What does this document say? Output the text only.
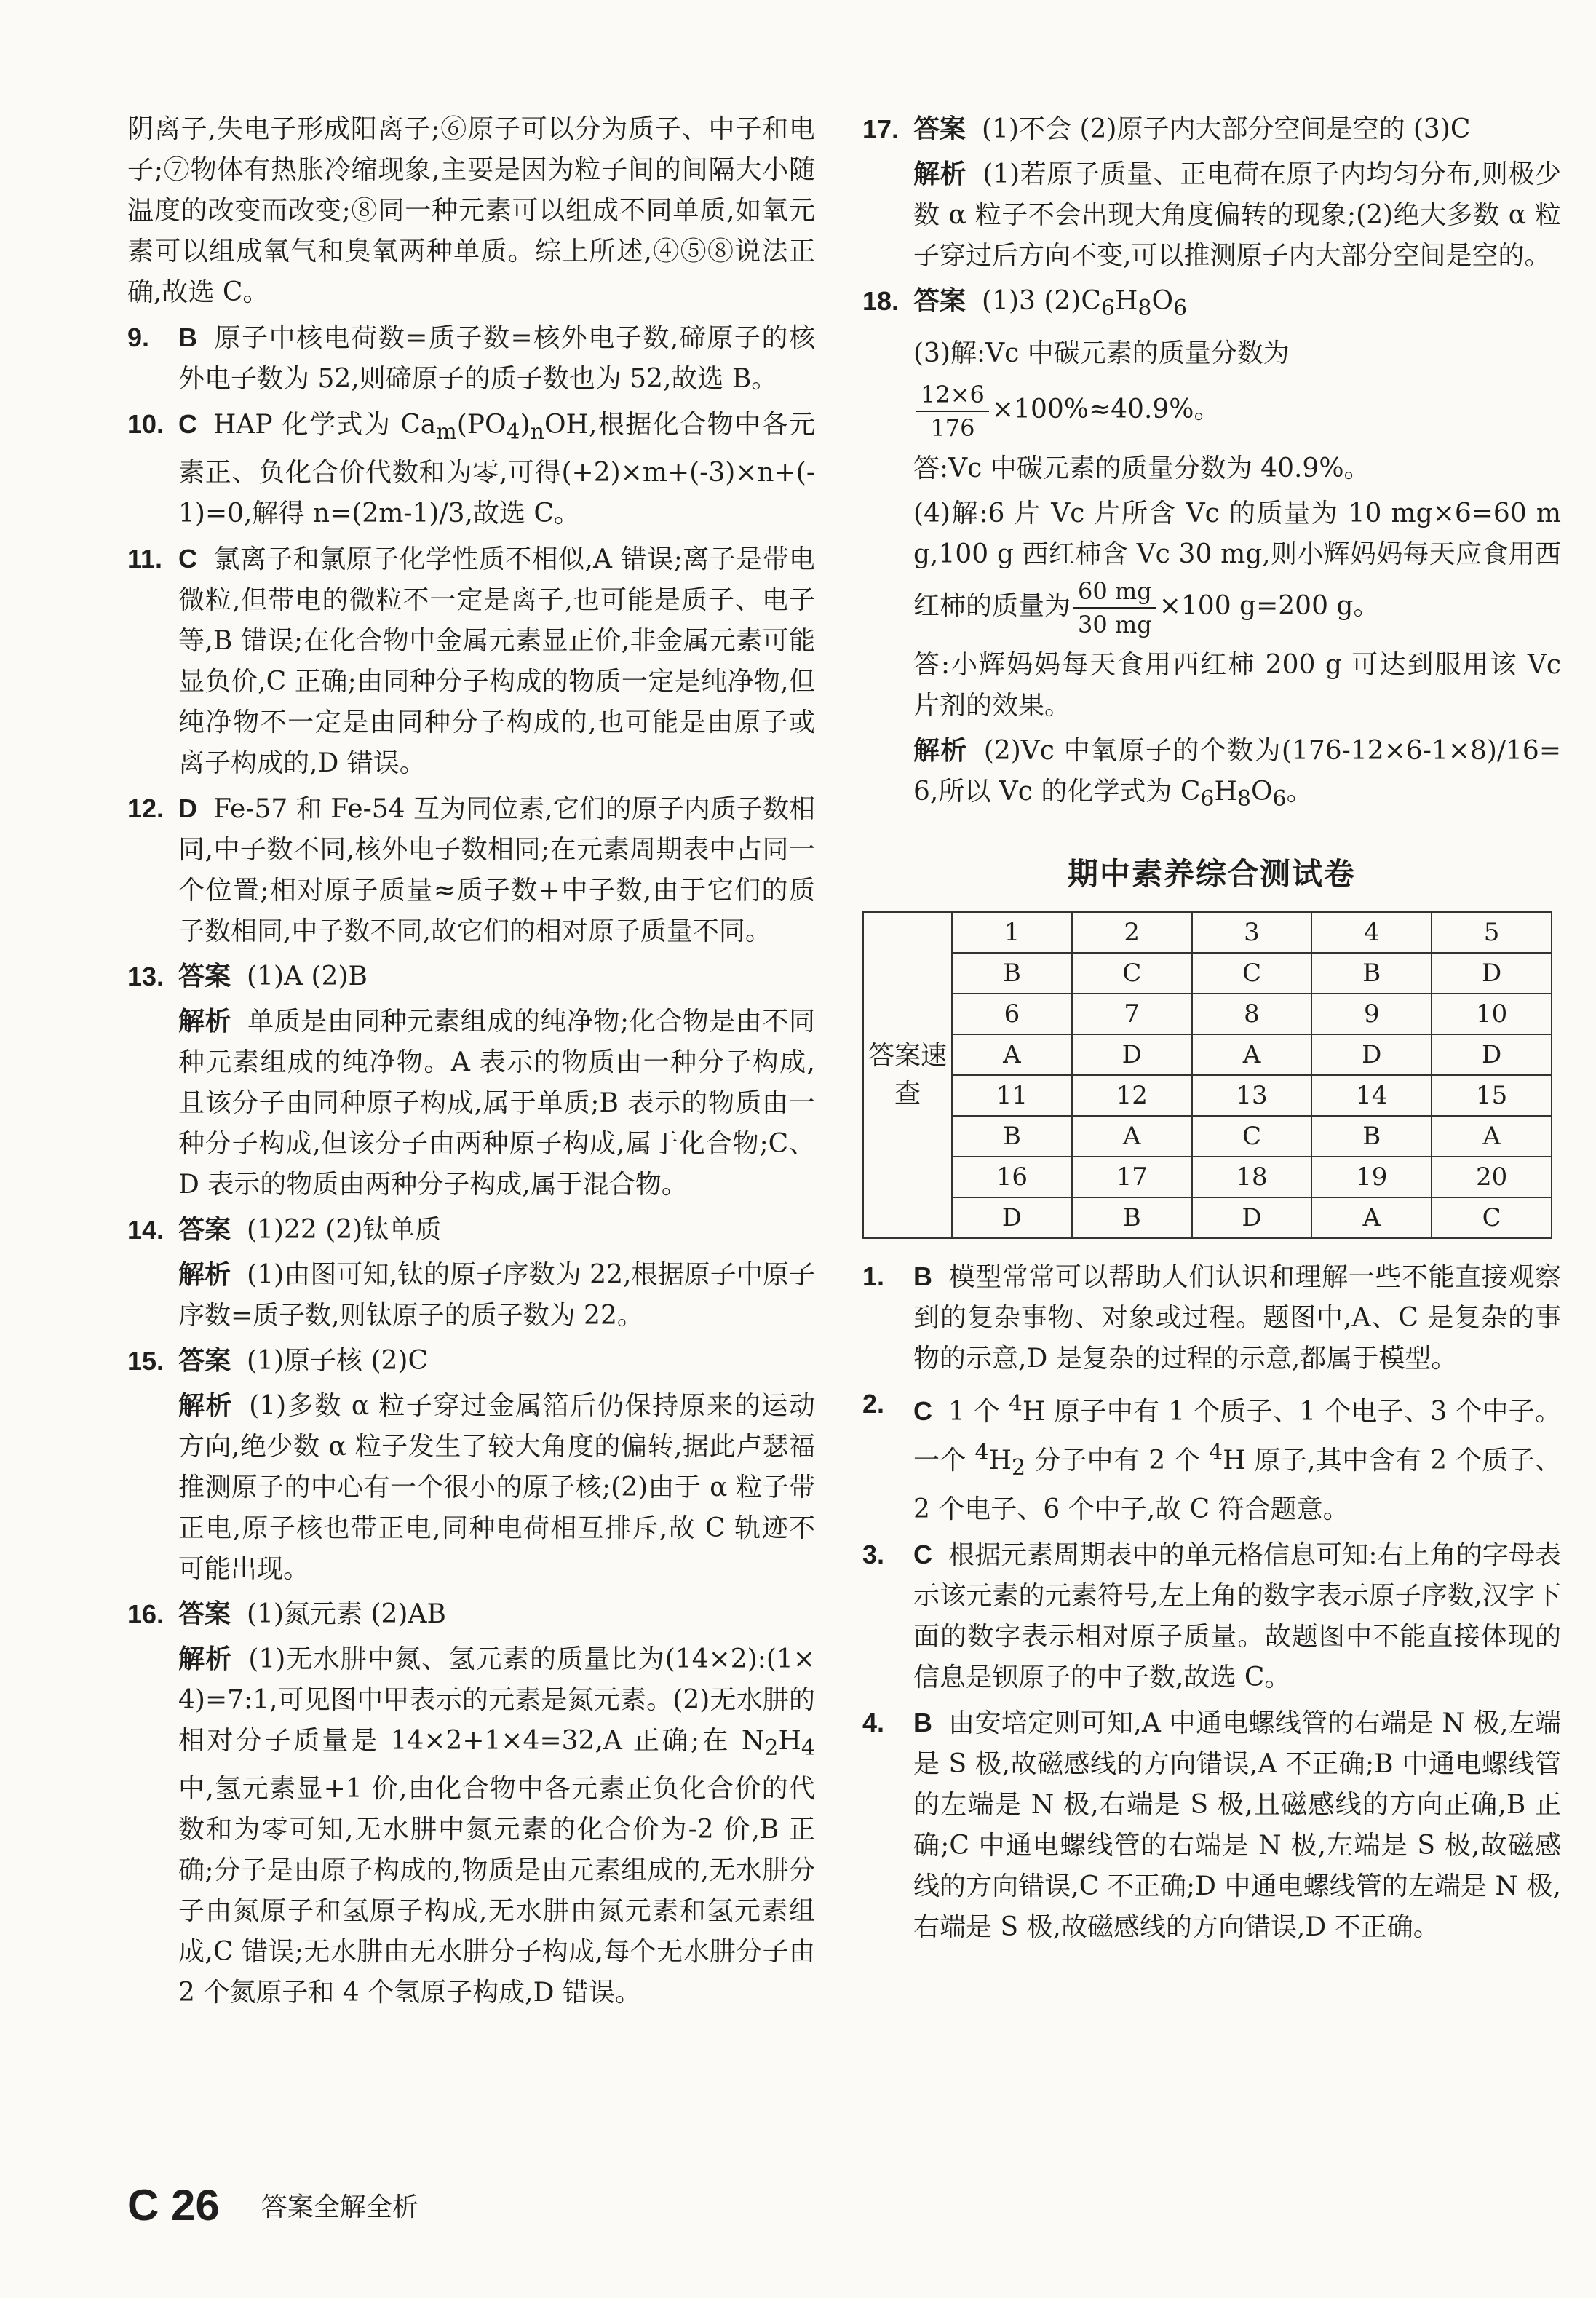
阴离子,失电子形成阳离子;⑥原子可以分为质子、中子和电子;⑦物体有热胀冷缩现象,主要是因为粒子间的间隔大小随温度的改变而改变;⑧同一种元素可以组成不同单质,如氧元素可以组成氧气和臭氧两种单质。综上所述,④⑤⑧说法正确,故选 C。

9. B 原子中核电荷数=质子数=核外电子数,碲原子的核外电子数为 52,则碲原子的质子数也为 52,故选 B。

10. C HAP 化学式为 $Ca_m(PO_4)_nOH$,根据化合物中各元素正、负化合价代数和为零,可得(+2)×m+(-3)×n+(-1)=0,解得 n=(2m-1)/3,故选 C。

11. C 氯离子和氯原子化学性质不相似,A 错误;离子是带电微粒,但带电的微粒不一定是离子,也可能是质子、电子等,B 错误;在化合物中金属元素显正价,非金属元素可能显负价,C 正确;由同种分子构成的物质一定是纯净物,但纯净物不一定是由同种分子构成的,也可能是由原子或离子构成的,D 错误。

12. D Fe-57 和 Fe-54 互为同位素,它们的原子内质子数相同,中子数不同,核外电子数相同;在元素周期表中占同一个位置;相对原子质量≈质子数+中子数,由于它们的质子数相同,中子数不同,故它们的相对原子质量不同。

13. 答案 (1)A (2)B

解析 单质是由同种元素组成的纯净物;化合物是由不同种元素组成的纯净物。A 表示的物质由一种分子构成,且该分子由同种原子构成,属于单质;B 表示的物质由一种分子构成,但该分子由两种原子构成,属于化合物;C、D 表示的物质由两种分子构成,属于混合物。

14. 答案 (1)22 (2)钛单质

解析 (1)由图可知,钛的原子序数为 22,根据原子中原子序数=质子数,则钛原子的质子数为 22。

15. 答案 (1)原子核 (2)C

解析 (1)多数 α 粒子穿过金属箔后仍保持原来的运动方向,绝少数 α 粒子发生了较大角度的偏转,据此卢瑟福推测原子的中心有一个很小的原子核;(2)由于 α 粒子带正电,原子核也带正电,同种电荷相互排斥,故 C 轨迹不可能出现。

16. 答案 (1)氮元素 (2)AB

解析 (1)无水肼中氮、氢元素的质量比为(14×2):(1×4)=7:1,可见图中甲表示的元素是氮元素。(2)无水肼的相对分子质量是 14×2+1×4=32,A 正确;在 $N_2H_4$ 中,氢元素显+1 价,由化合物中各元素正负化合价的代数和为零可知,无水肼中氮元素的化合价为-2 价,B 正确;分子是由原子构成的,物质是由元素组成的,无水肼分子由氮原子和氢原子构成,无水肼由氮元素和氢元素组成,C 错误;无水肼由无水肼分子构成,每个无水肼分子由 2 个氮原子和 4 个氢原子构成,D 错误。

17. 答案 (1)不会 (2)原子内大部分空间是空的 (3)C

解析 (1)若原子质量、正电荷在原子内均匀分布,则极少数 α 粒子不会出现大角度偏转的现象;(2)绝大多数 α 粒子穿过后方向不变,可以推测原子内大部分空间是空的。

18. 答案 (1)3 $(2)C_6H_8O_6$

(3)解:Vc 中碳元素的质量分数为

$\frac{12\times 6}{176} \times 100\%\approx 40.9\%$。

答:Vc 中碳元素的质量分数为 40.9%。

(4)解:6 片 Vc 片所含 Vc 的质量为 10 mg×6=60 mg,100 g 西红柿含 Vc 30 mg,则小辉妈妈每天应食用西红柿的质量为 $\frac{60 mg}{30 mg} \times 100$ g=200 g。

答:小辉妈妈每天食用西红柿 200 g 可达到服用该 Vc 片剂的效果。

解析 (2)Vc 中氧原子的个数为(176-12×6-1×8)/16=6,所以 Vc 的化学式为 $C_6H_8O_6$。

期中素养综合测试卷
答案速查	1	2	3	4	5
	B	C	C	B	D
	6	7	8	9	10
	A	D	A	D	D
	11	12	13	14	15
	B	A	C	B	A
	16	17	18	19	20
	D	B	D	A	C
1. B 模型常常可以帮助人们认识和理解一些不能直接观察到的复杂事物、对象或过程。题图中,A、C 是复杂的事物的示意,D 是复杂的过程的示意,都属于模型。

2. C 1 个 $^4$H 原子中有 1 个质子、1 个电子、3 个中子。一个 $^4H_2$ 分子中有 2 个 $^4$H 原子,其中含有 2 个质子、2 个电子、6 个中子,故 C 符合题意。

3. C 根据元素周期表中的单元格信息可知:右上角的字母表示该元素的元素符号,左上角的数字表示原子序数,汉字下面的数字表示相对原子质量。故题图中不能直接体现的信息是钡原子的中子数,故选 C。

4. B 由安培定则可知,A 中通电螺线管的右端是 N 极,左端是 S 极,故磁感线的方向错误,A 不正确;B 中通电螺线管的左端是 N 极,右端是 S 极,且磁感线的方向正确,B 正确;C 中通电螺线管的右端是 N 极,左端是 S 极,故磁感线的方向错误,C 不正确;D 中通电螺线管的左端是 N 极,右端是 S 极,故磁感线的方向错误,D 不正确。

C 26 答案全解全析
